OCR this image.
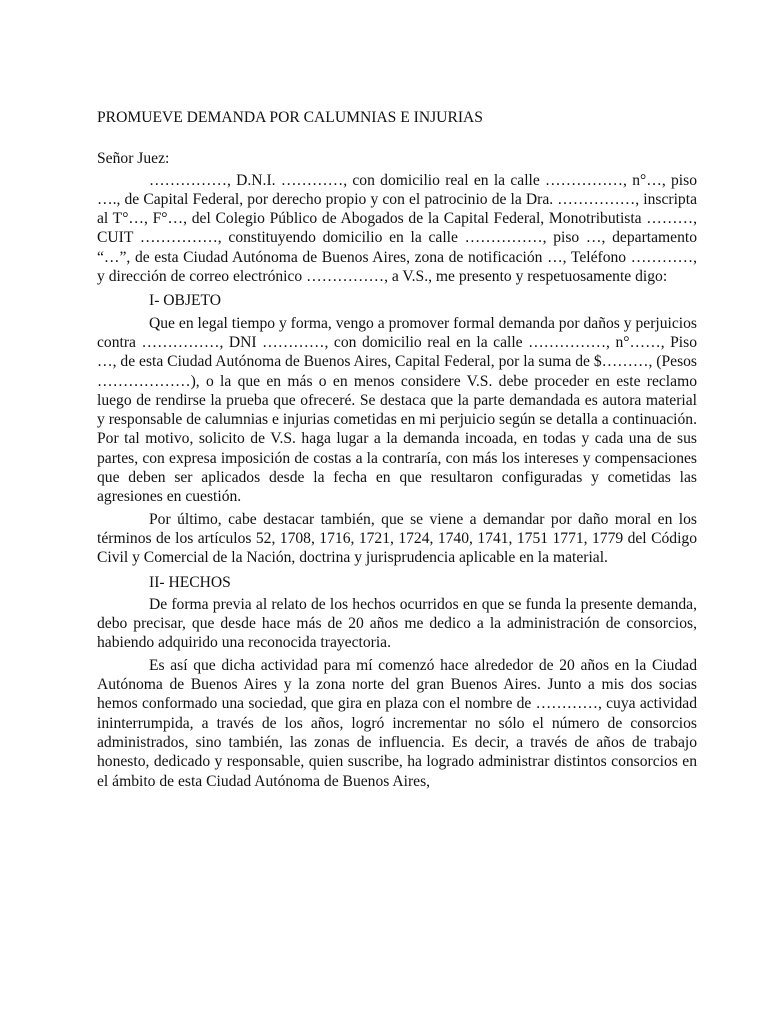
PROMUEVE DEMANDA POR CALUMNIAS E INJURIAS
Señor Juez:

……………, D.N.I. …………, con domicilio real en la calle ……………, n°…, piso …., de Capital Federal, por derecho propio y con el patrocinio de la Dra. ……………, inscripta al T°…, F°…, del Colegio Público de Abogados de la Capital Federal, Monotributista ………, CUIT ……………, constituyendo domicilio en la calle ……………, piso …, departamento “…”, de esta Ciudad Autónoma de Buenos Aires, zona de notificación …, Teléfono …………, y dirección de correo electrónico ……………, a V.S., me presento y respetuosamente digo:

I- OBJETO

Que en legal tiempo y forma, vengo a promover formal demanda por daños y perjuicios contra ……………, DNI …………, con domicilio real en la calle ……………, n°……, Piso …, de esta Ciudad Autónoma de Buenos Aires, Capital Federal, por la suma de $………, (Pesos ………………), o la que en más o en menos considere V.S. debe proceder en este reclamo luego de rendirse la prueba que ofreceré. Se destaca que la parte demandada es autora material y responsable de calumnias e injurias cometidas en mi perjuicio según se detalla a continuación. Por tal motivo, solicito de V.S. haga lugar a la demanda incoada, en todas y cada una de sus partes, con expresa imposición de costas a la contraría, con más los intereses y compensaciones que deben ser aplicados desde la fecha en que resultaron configuradas y cometidas las agresiones en cuestión.

Por último, cabe destacar también, que se viene a demandar por daño moral en los términos de los artículos 52, 1708, 1716, 1721, 1724, 1740, 1741, 1751 1771, 1779 del Código Civil y Comercial de la Nación, doctrina y jurisprudencia aplicable en la material.

II- HECHOS

De forma previa al relato de los hechos ocurridos en que se funda la presente demanda, debo precisar, que desde hace más de 20 años me dedico a la administración de consorcios, habiendo adquirido una reconocida trayectoria.

Es así que dicha actividad para mí comenzó hace alrededor de 20 años en la Ciudad Autónoma de Buenos Aires y la zona norte del gran Buenos Aires. Junto a mis dos socias hemos conformado una sociedad, que gira en plaza con el nombre de …………, cuya actividad ininterrumpida, a través de los años, logró incrementar no sólo el número de consorcios administrados, sino también, las zonas de influencia. Es decir, a través de años de trabajo honesto, dedicado y responsable, quien suscribe, ha logrado administrar distintos consorcios en el ámbito de esta Ciudad Autónoma de Buenos Aires,
